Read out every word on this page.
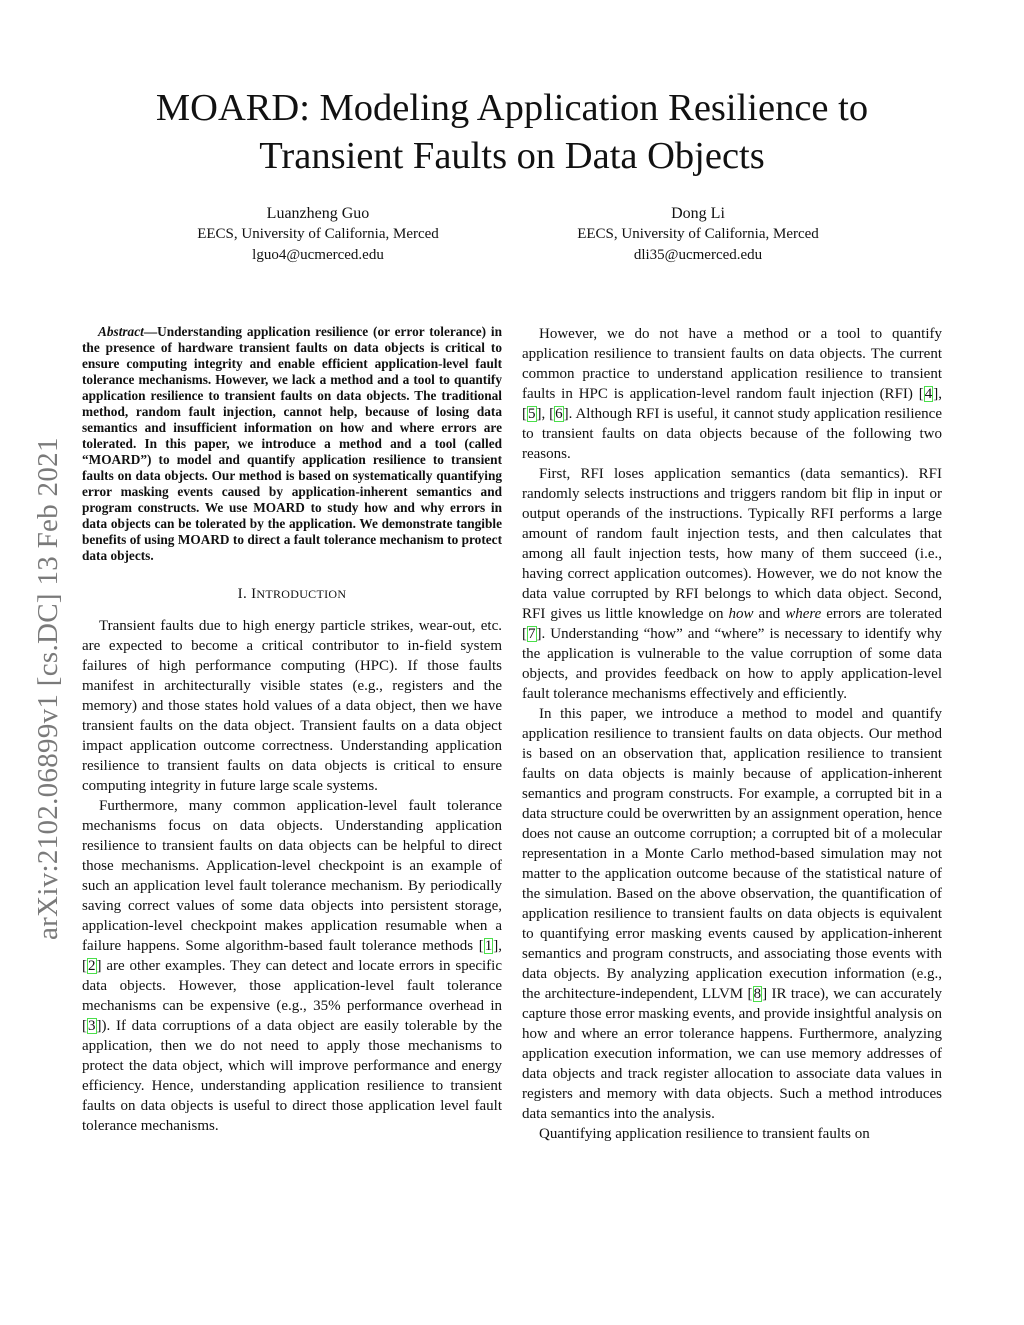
arXiv:2102.06899v1 [cs.DC] 13 Feb 2021
MOARD: Modeling Application Resilience to
Transient Faults on Data Objects
Luanzheng Guo
EECS, University of California, Merced
lguo4@ucmerced.edu
Dong Li
EECS, University of California, Merced
dli35@ucmerced.edu

Abstract—Understanding application resilience (or error tolerance) in the presence of hardware transient faults on data objects is critical to ensure computing integrity and enable efficient application-level fault tolerance mechanisms. However, we lack a method and a tool to quantify application resilience to transient faults on data objects. The traditional method, random fault injection, cannot help, because of losing data semantics and insufficient information on how and where errors are tolerated. In this paper, we introduce a method and a tool (called “MOARD”) to model and quantify application resilience to transient faults on data objects. Our method is based on systematically quantifying error masking events caused by application-inherent semantics and program constructs. We use MOARD to study how and why errors in data objects can be tolerated by the application. We demonstrate tangible benefits of using MOARD to direct a fault tolerance mechanism to protect data objects.

I. INTRODUCTION

Transient faults due to high energy particle strikes, wear-out, etc. are expected to become a critical contributor to in-field system failures of high performance computing (HPC). If those faults manifest in architecturally visible states (e.g., registers and the memory) and those states hold values of a data object, then we have transient faults on the data object. Transient faults on a data object impact application outcome correctness. Understanding application resilience to transient faults on data objects is critical to ensure computing integrity in future large scale systems.

Furthermore, many common application-level fault tolerance mechanisms focus on data objects. Understanding application resilience to transient faults on data objects can be helpful to direct those mechanisms. Application-level checkpoint is an example of such an application level fault tolerance mechanism. By periodically saving correct values of some data objects into persistent storage, application-level checkpoint makes application resumable when a failure happens. Some algorithm-based fault tolerance methods [1], [2] are other examples. They can detect and locate errors in specific data objects. However, those application-level fault tolerance mechanisms can be expensive (e.g., 35% performance overhead in [3]). If data corruptions of a data object are easily tolerable by the application, then we do not need to apply those mechanisms to protect the data object, which will improve performance and energy efficiency. Hence, understanding application resilience to transient faults on data objects is useful to direct those application level fault tolerance mechanisms.

However, we do not have a method or a tool to quantify application resilience to transient faults on data objects. The current common practice to understand application resilience to transient faults in HPC is application-level random fault injection (RFI) [4], [5], [6]. Although RFI is useful, it cannot study application resilience to transient faults on data objects because of the following two reasons.

First, RFI loses application semantics (data semantics). RFI randomly selects instructions and triggers random bit flip in input or output operands of the instructions. Typically RFI performs a large amount of random fault injection tests, and then calculates that among all fault injection tests, how many of them succeed (i.e., having correct application outcomes). However, we do not know the data value corrupted by RFI belongs to which data object. Second, RFI gives us little knowledge on how and where errors are tolerated [7]. Understanding “how” and “where” is necessary to identify why the application is vulnerable to the value corruption of some data objects, and provides feedback on how to apply application-level fault tolerance mechanisms effectively and efficiently.

In this paper, we introduce a method to model and quantify application resilience to transient faults on data objects. Our method is based on an observation that, application resilience to transient faults on data objects is mainly because of application-inherent semantics and program constructs. For example, a corrupted bit in a data structure could be overwritten by an assignment operation, hence does not cause an outcome corruption; a corrupted bit of a molecular representation in a Monte Carlo method-based simulation may not matter to the application outcome because of the statistical nature of the simulation. Based on the above observation, the quantification of application resilience to transient faults on data objects is equivalent to quantifying error masking events caused by application-inherent semantics and program constructs, and associating those events with data objects. By analyzing application execution information (e.g., the architecture-independent, LLVM [8] IR trace), we can accurately capture those error masking events, and provide insightful analysis on how and where an error tolerance happens. Furthermore, analyzing application execution information, we can use memory addresses of data objects and track register allocation to associate data values in registers and memory with data objects. Such a method introduces data semantics into the analysis.

Quantifying application resilience to transient faults on
